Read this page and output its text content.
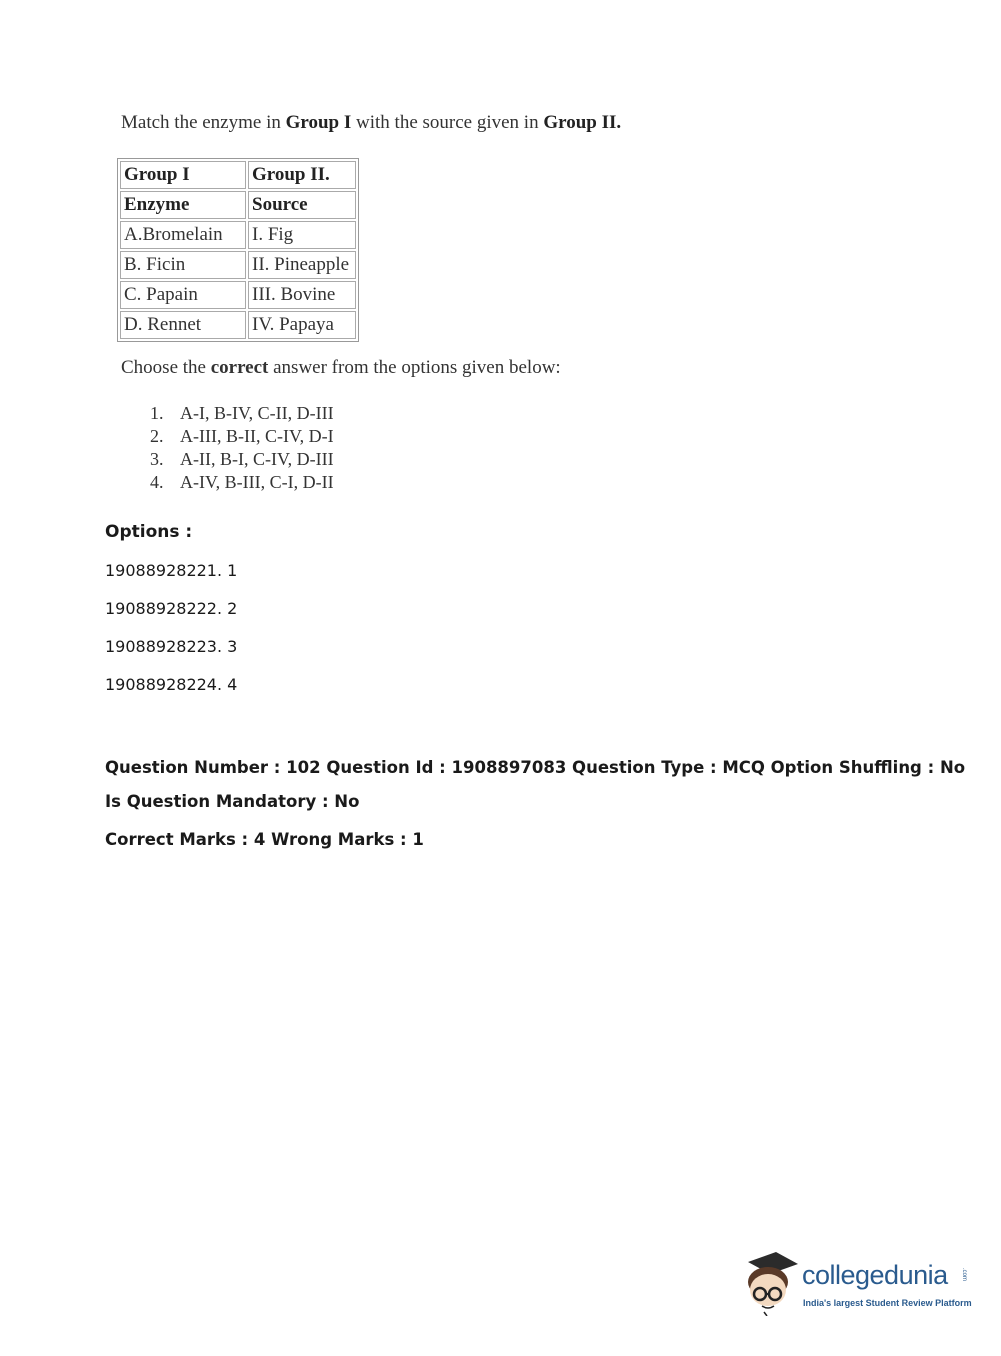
Match the enzyme in Group I with the source given in Group II.

Group I	Group II.
Enzyme	Source
A.Bromelain	I. Fig
B. Ficin	II. Pineapple
C. Papain	III. Bovine
D. Rennet	IV. Papaya

Choose the correct answer from the options given below:

1. A-I, B-IV, C-II, D-III
2. A-III, B-II, C-IV, D-I
3. A-II, B-I, C-IV, D-III
4. A-IV, B-III, C-I, D-II

Options :

19088928221. 1

19088928222. 2

19088928223. 3

19088928224. 4

Question Number : 102 Question Id : 1908897083 Question Type : MCQ Option Shuffling : No

Is Question Mandatory : No

Correct Marks : 4 Wrong Marks : 1

collegedunia .com
India's largest Student Review Platform
